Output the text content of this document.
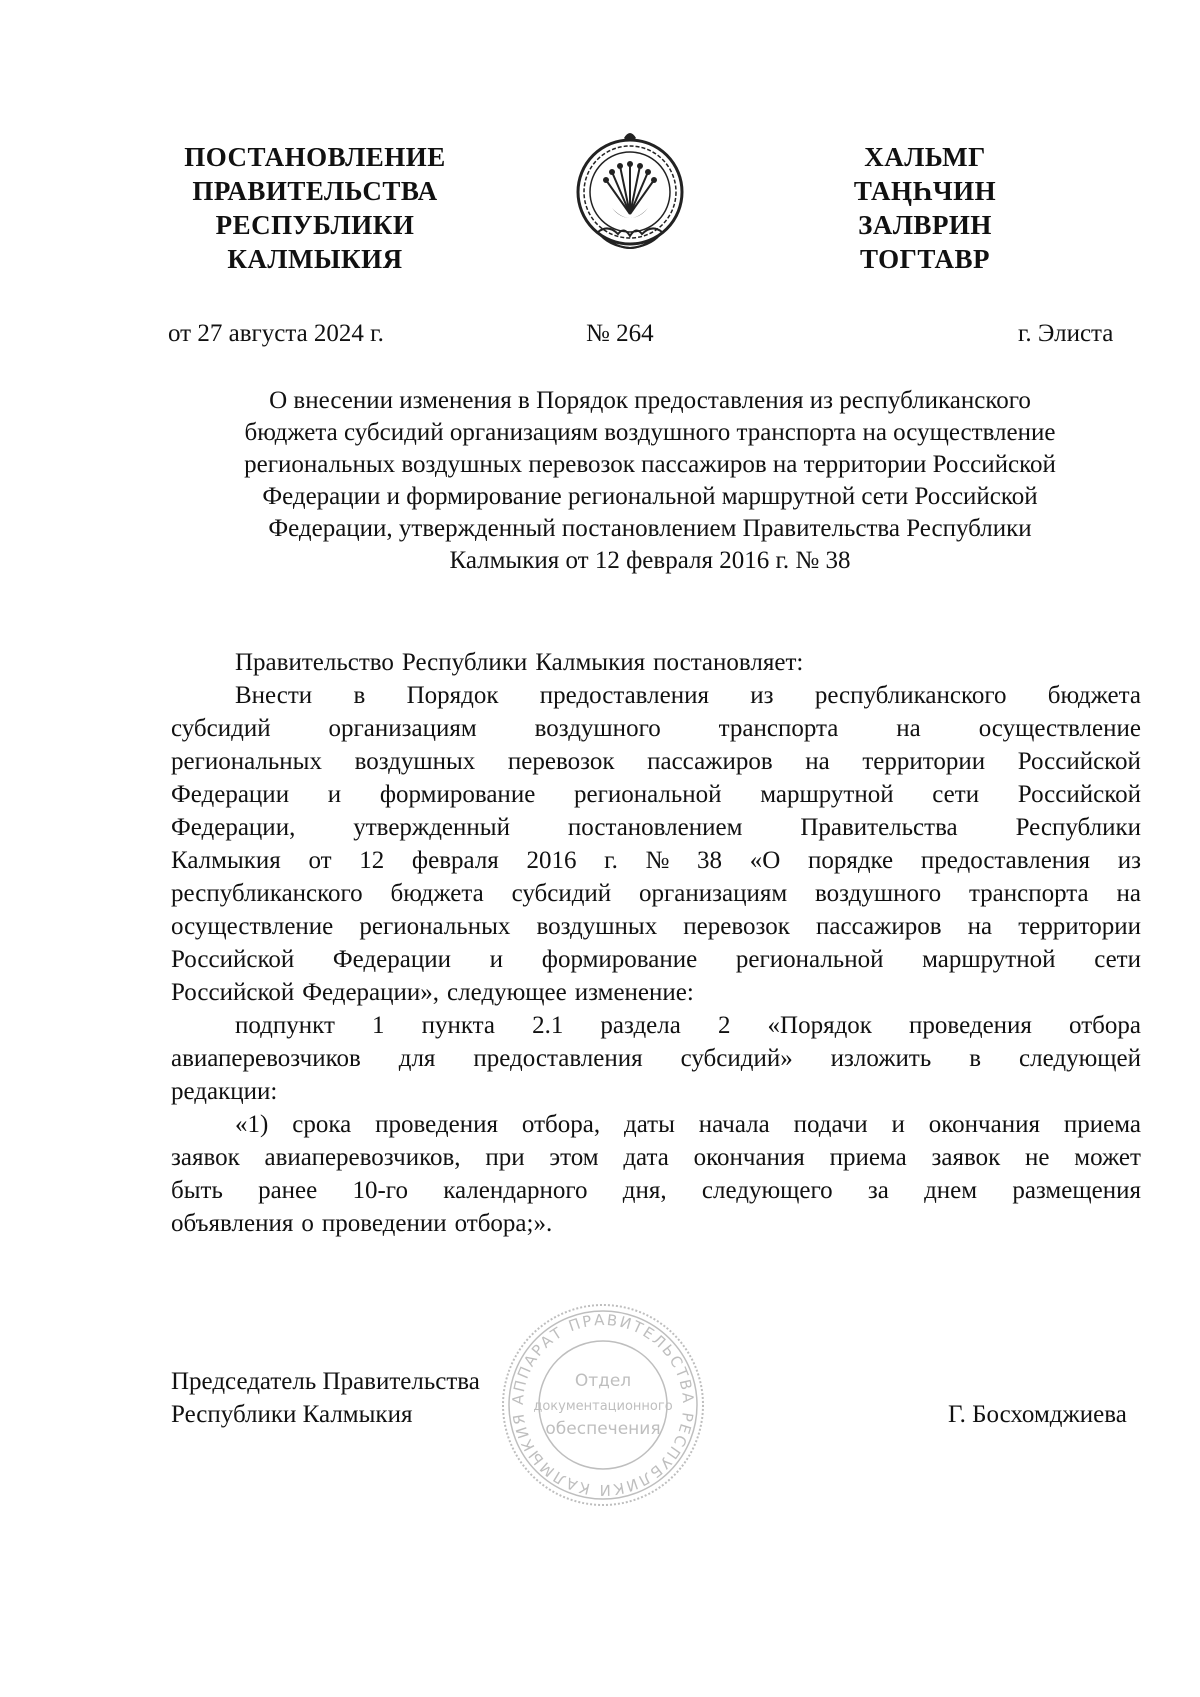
ПОСТАНОВЛЕНИЕ
ПРАВИТЕЛЬСТВА
РЕСПУБЛИКИ
КАЛМЫКИЯ
ХАЛЬМГ
ТАҢҺЧИН
ЗАЛВРИН
ТОГТАВР
от 27 августа 2024 г.	№ 264	г. Элиста
О внесении изменения в Порядок предоставления из республиканского
бюджета субсидий организациям воздушного транспорта на осуществление
региональных воздушных перевозок пассажиров на территории Российской
Федерации и формирование региональной маршрутной сети Российской
Федерации, утвержденный постановлением Правительства Республики
Калмыкия от 12 февраля 2016 г. № 38
Правительство Республики Калмыкия постановляет:
Внести в Порядок предоставления из республиканского бюджета
субсидий организациям воздушного транспорта на осуществление
региональных воздушных перевозок пассажиров на территории Российской
Федерации и формирование региональной маршрутной сети Российской
Федерации, утвержденный постановлением Правительства Республики
Калмыкия от 12 февраля 2016 г. № 38 «О порядке предоставления из
республиканского бюджета субсидий организациям воздушного транспорта на
осуществление региональных воздушных перевозок пассажиров на территории
Российской Федерации и формирование региональной маршрутной сети
Российской Федерации», следующее изменение:
подпункт 1 пункта 2.1 раздела 2 «Порядок проведения отбора
авиаперевозчиков для предоставления субсидий» изложить в следующей
редакции:
«1) срока проведения отбора, даты начала подачи и окончания приема
заявок авиаперевозчиков, при этом дата окончания приема заявок не может
быть ранее 10-го календарного дня, следующего за днем размещения
объявления о проведении отбора;».
АППАРАТ ПРАВИТЕЛЬСТВА РЕСПУБЛИКИ КАЛМЫКИЯ
Отдел
документационного
обеспечения
Председатель Правительства
Республики Калмыкия	Г. Босхомджиева
